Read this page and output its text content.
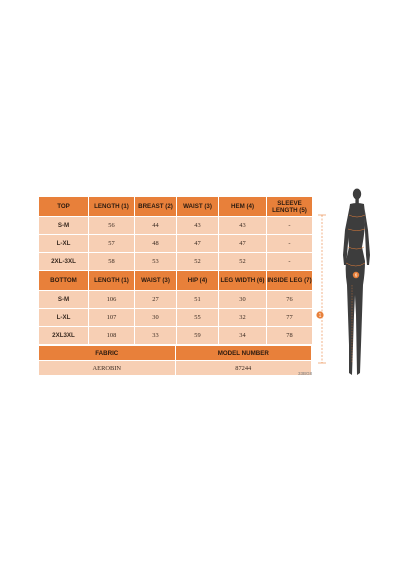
TOP	LENGTH (1)	BREAST (2)	WAIST (3)	HEM (4)	SLEEVE LENGTH (5)
S-M	56	44	43	43	-
L-XL	57	48	47	47	-
2XL-3XL	58	53	52	52	-
BOTTOM	LENGTH (1)	WAIST (3)	HIP (4)	LEG WIDTH (6)	INSIDE LEG (7)
S-M	106	27	51	30	76
L-XL	107	30	55	32	77
2XL3XL	108	33	59	34	78
FABRIC	MODEL NUMBER
AEROBIN	87244
33BG8
1
6
